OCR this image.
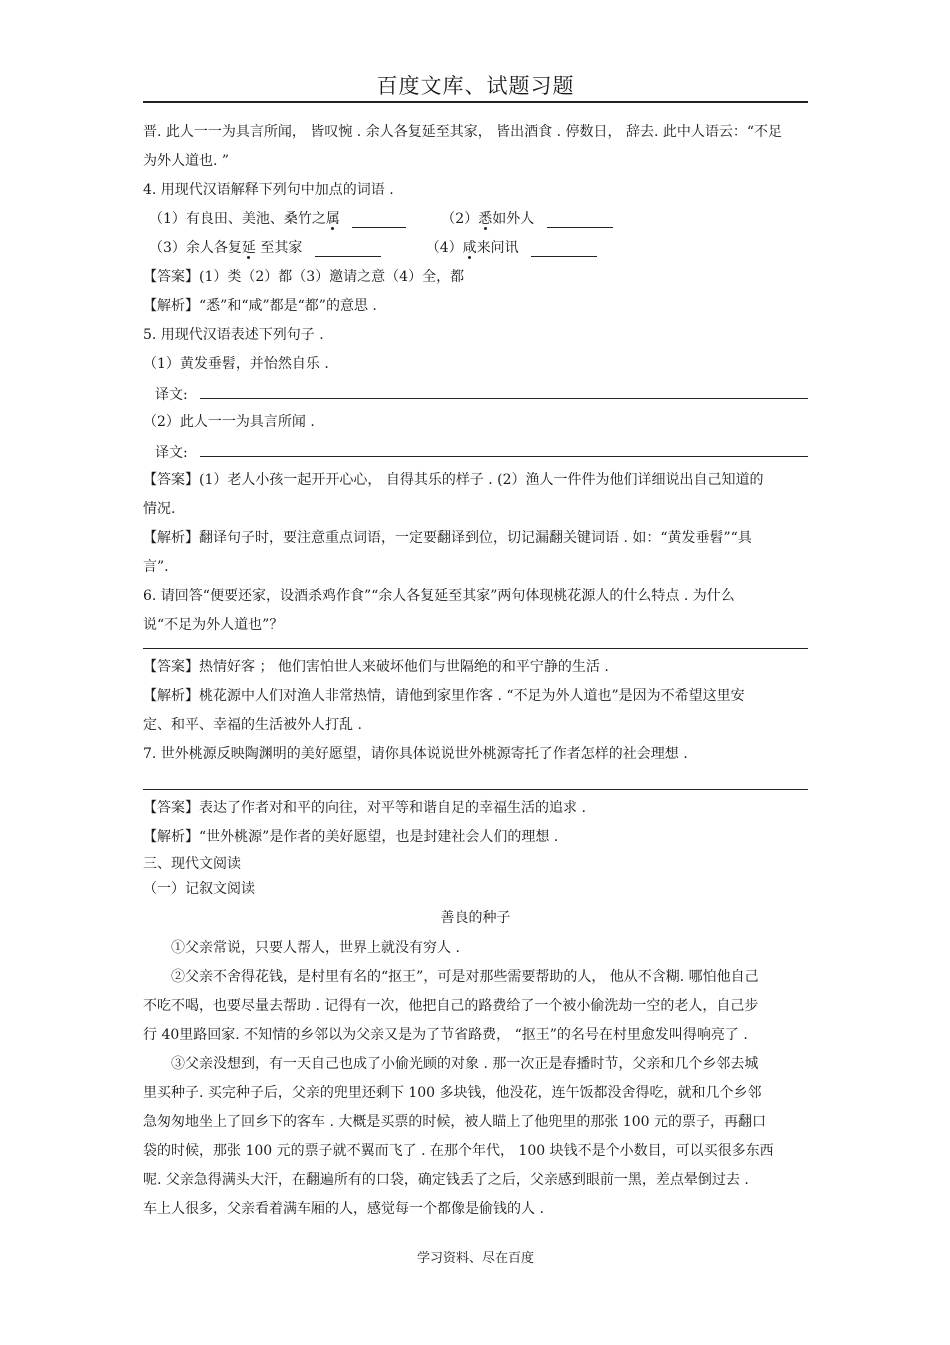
百度文库、试题习题
晋. 此人一一为具言所闻， 皆叹惋 . 余人各复延至其家， 皆出酒食 . 停数日， 辞去. 此中人语云：“不足
为外人道也. ”
4. 用现代汉语解释下列句中加点的词语 .
（1）有良田、美池、桑竹之属	（2）悉如外人
（3）余人各复延 至其家	（4）咸来问讯
【答案】(1）类（2）都（3）邀请之意（4）全，都
【解析】“悉”和“咸”都是“都”的意思 .
5. 用现代汉语表述下列句子 .
（1）黄发垂髫，并怡然自乐 .
译文:
（2）此人一一为具言所闻 .
译文:
【答案】(1）老人小孩一起开开心心， 自得其乐的样子 . (2）渔人一件件为他们详细说出自己知道的
情况.
【解析】翻译句子时，要注意重点词语，一定要翻译到位，切记漏翻关键词语 . 如：“黄发垂髫”“具
言”.
6. 请回答“便要还家，设酒杀鸡作食”“余人各复延至其家”两句体现桃花源人的什么特点 . 为什么
说“不足为外人道也”？
【答案】热情好客 ； 他们害怕世人来破坏他们与世隔绝的和平宁静的生活 .
【解析】桃花源中人们对渔人非常热情，请他到家里作客 . “不足为外人道也”是因为不希望这里安
定、和平、幸福的生活被外人打乱 .
7. 世外桃源反映陶渊明的美好愿望，请你具体说说世外桃源寄托了作者怎样的社会理想 .
【答案】表达了作者对和平的向往，对平等和谐自足的幸福生活的追求 .
【解析】“世外桃源”是作者的美好愿望，也是封建社会人们的理想 .
三、现代文阅读
（一）记叙文阅读
善良的种子
①父亲常说，只要人帮人，世界上就没有穷人 .
②父亲不舍得花钱，是村里有名的“抠王”，可是对那些需要帮助的人， 他从不含糊. 哪怕他自己
不吃不喝，也要尽量去帮助 . 记得有一次，他把自己的路费给了一个被小偷洗劫一空的老人，自己步
行 40里路回家. 不知情的乡邻以为父亲又是为了节省路费， “抠王”的名号在村里愈发叫得响亮了 .
③父亲没想到，有一天自己也成了小偷光顾的对象 . 那一次正是春播时节，父亲和几个乡邻去城
里买种子. 买完种子后，父亲的兜里还剩下 100 多块钱，他没花，连午饭都没舍得吃，就和几个乡邻
急匆匆地坐上了回乡下的客车 . 大概是买票的时候，被人瞄上了他兜里的那张 100 元的票子，再翻口
袋的时候，那张 100 元的票子就不翼而飞了 . 在那个年代， 100 块钱不是个小数目，可以买很多东西
呢. 父亲急得满头大汗，在翻遍所有的口袋，确定钱丢了之后，父亲感到眼前一黑，差点晕倒过去 .
车上人很多，父亲看着满车厢的人，感觉每一个都像是偷钱的人 .
学习资料、尽在百度
